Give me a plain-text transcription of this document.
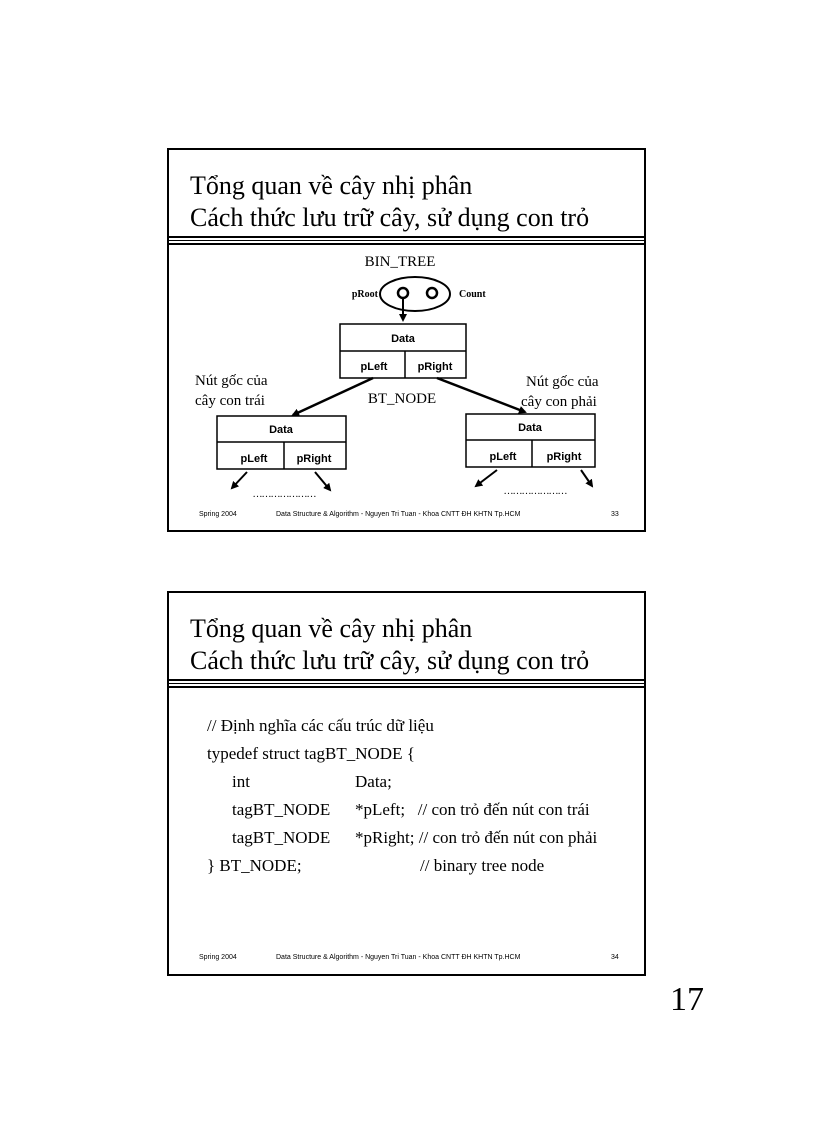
Tổng quan về cây nhị phân
Cách thức lưu trữ cây, sử dụng con trỏ
BIN_TREE
pRoot	Count
Data
pLeft	pRight
BT_NODE
Nút gốc của
cây con trái
Nút gốc của
cây con phải
Data
pLeft	pRight
Data
pLeft	pRight
…………………	…………………
Spring 2004	Data Structure & Algorithm - Nguyen Tri Tuan - Khoa CNTT ĐH KHTN Tp.HCM	33
Tổng quan về cây nhị phân
Cách thức lưu trữ cây, sử dụng con trỏ
// Định nghĩa các cấu trúc dữ liệu
typedef struct tagBT_NODE {
int	Data;
tagBT_NODE *pLeft;   // con trỏ đến nút con trái
tagBT_NODE *pRight; // con trỏ đến nút con phải
} BT_NODE;	// binary tree node
Spring 2004	Data Structure & Algorithm - Nguyen Tri Tuan - Khoa CNTT ĐH KHTN Tp.HCM	34
17
